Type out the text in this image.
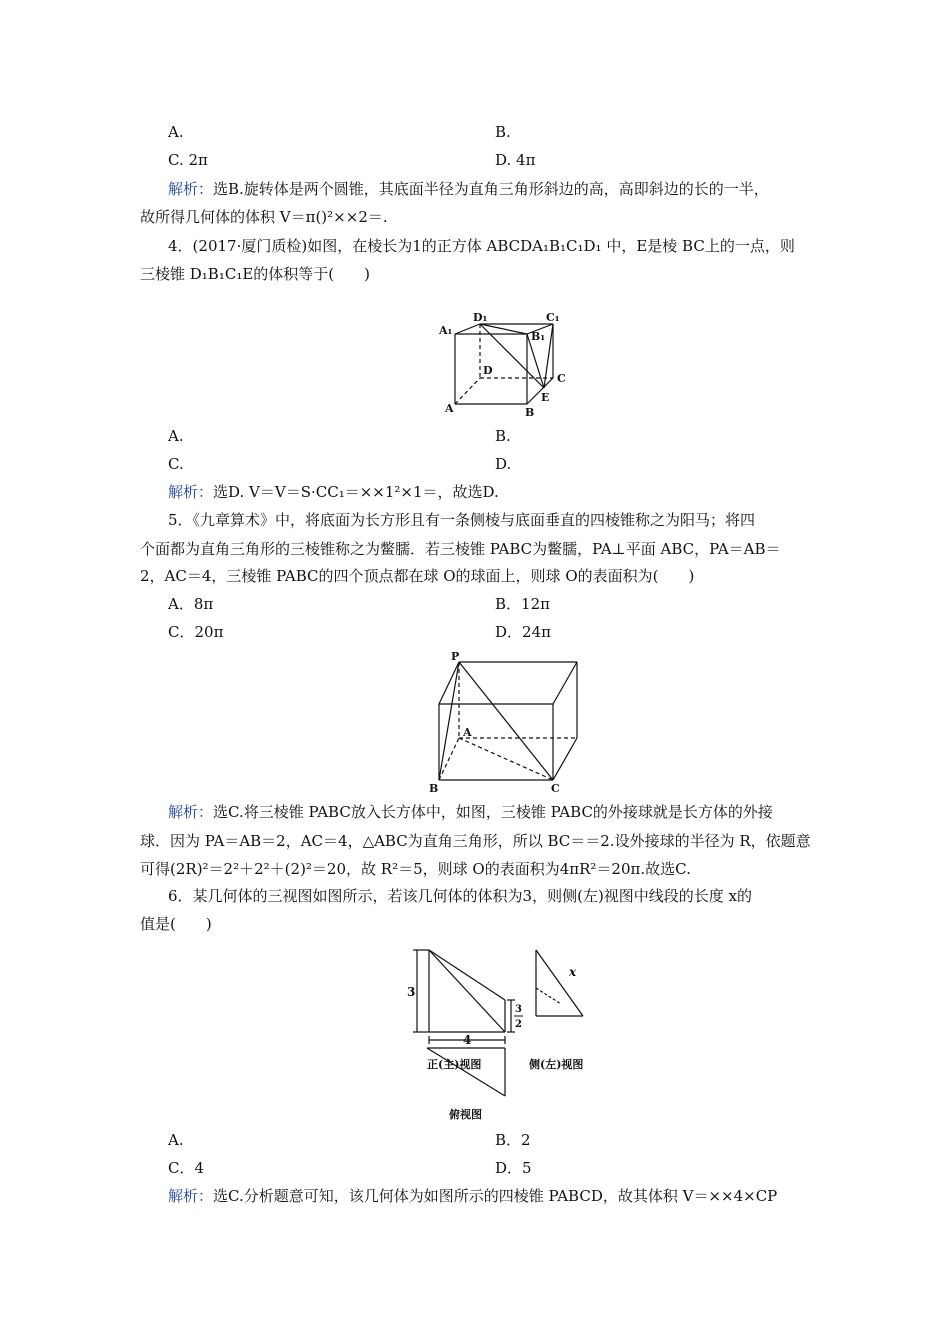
A.	B.
C. 2π	D. 4π
解析：选B.旋转体是两个圆锥，其底面半径为直角三角形斜边的高，高即斜边的长的一半，
故所得几何体的体积 V＝π()²××2＝.
4．(2017·厦门质检)如图，在棱长为1的正方体 ABCDA₁B₁C₁D₁ 中，E是棱 BC上的一点，则
三棱锥 D₁B₁C₁E的体积等于(　　)
D₁	C₁
A₁	B₁
D
C
A	B
E
A.	B.
C.	D.
解析：选D. V＝V＝S·CC₁＝××1²×1＝，故选D.
5．《九章算术》中，将底面为长方形且有一条侧棱与底面垂直的四棱锥称之为阳马；将四
个面都为直角三角形的三棱锥称之为鳖臑．若三棱锥 PABC为鳖臑，PA⊥平面 ABC，PA＝AB＝
2，AC＝4，三棱锥 PABC的四个顶点都在球 O的球面上，则球 O的表面积为(　　)
A．8π	B．12π
C．20π	D．24π
P
A
B	C
解析：选C.将三棱锥 PABC放入长方体中，如图，三棱锥 PABC的外接球就是长方体的外接
球．因为 PA＝AB＝2，AC＝4，△ABC为直角三角形，所以 BC＝＝2.设外接球的半径为 R，依题意
可得(2R)²＝2²＋2²＋(2)²＝20，故 R²＝5，则球 O的表面积为4πR²＝20π.故选C.
6．某几何体的三视图如图所示，若该几何体的体积为3，则侧(左)视图中线段的长度 x的
值是(　　)
3
4
3
2
x
正(主)视图	侧(左)视图
俯视图
A.	B．2
C．4	D．5
解析：选C.分析题意可知，该几何体为如图所示的四棱锥 PABCD，故其体积 V＝××4×CP
